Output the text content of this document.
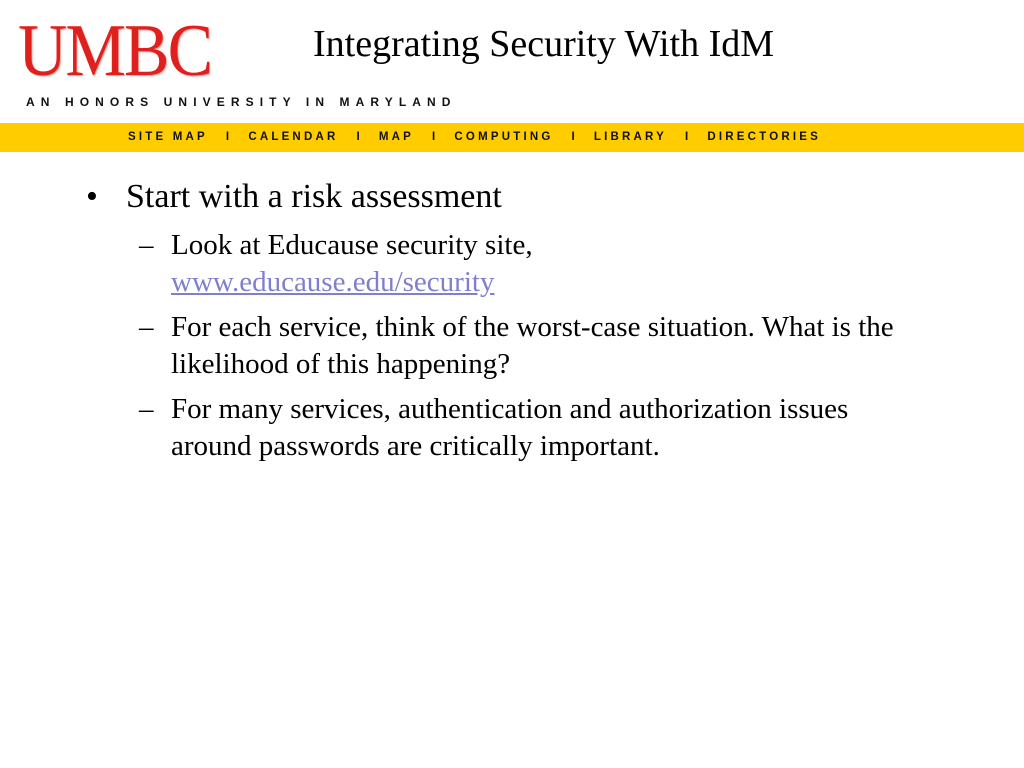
UMBC	Integrating Security With IdM
AN HONORS UNIVERSITY IN MARYLAND
SITE MAP I CALENDAR I MAP I COMPUTING I LIBRARY I DIRECTORIES
• Start with a risk assessment
– Look at Educause security site,
www.educause.edu/security
– For each service, think of the worst-case situation. What is the likelihood of this happening?
– For many services, authentication and authorization issues around passwords are critically important.
